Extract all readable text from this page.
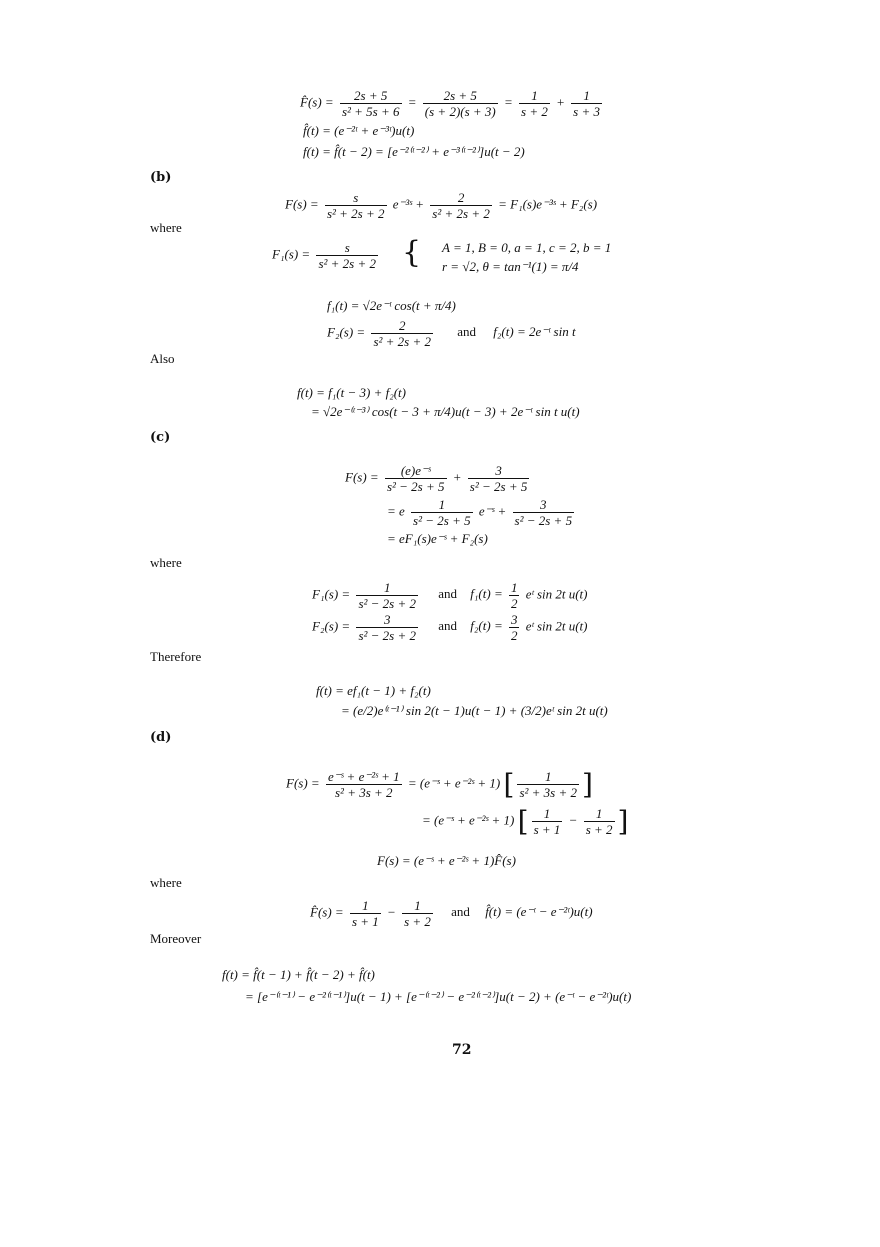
F̂(s) = $\frac{2s + 5}{\text{s² + 5s + 6}} = \frac{2s + 5}{(s + 2)(s + 3)} = \frac{1}{s + 2} + \frac{1}{s + 3}$
f̂(t) = (e⁻²ᵗ + e⁻³ᵗ)u(t)
f(t) = f̂(t − 2) = [e⁻²⁽ᵗ⁻²⁾ + e⁻³⁽ᵗ⁻²⁾]u(t − 2)
(b)
$F(s) = \frac{s}{\text{s² + 2s + 2}}$ e⁻³ˢ + $\frac{2}{\text{s² + 2s + 2}}$ = F₁(s)e⁻³ˢ + F₂(s)
where
$F_1(s) = \frac{s}{\text{s² + 2s + 2}}$ { A = 1, B = 0, a = 1, c = 2, b = 1
r = √2, θ = tan⁻¹(1) = π/4
f₁(t) = √2e⁻ᵗ cos(t + π/4)
$F_2(s) = \frac{2}{\text{s² + 2s + 2}}$ and f₂(t) = 2e⁻ᵗ sin t
Also
f(t) = f₁(t − 3) + f₂(t)
= √2e⁻⁽ᵗ⁻³⁾ cos(t − 3 + π/4)u(t − 3) + 2e⁻ᵗ sin t u(t)
(c)
$F(s) = \frac{\text{(e)e⁻ˢ}}{\text{s² − 2s + 5}} + \frac{3}{\text{s² − 2s + 5}}$
= e $\frac{1}{\text{s² − 2s + 5}}$ e⁻ˢ + $\frac{3}{\text{s² − 2s + 5}}$
= eF₁(s)e⁻ˢ + F₂(s)
where
$F_1(s) = \frac{1}{\text{s² − 2s + 2}}$ and $f_1(t) = \frac{1}{2}$ eᵗ sin 2t u(t)
$F_2(s) = \frac{3}{\text{s² − 2s + 2}}$ and $f_2(t) = \frac{3}{2}$ eᵗ sin 2t u(t)
Therefore
f(t) = ef₁(t − 1) + f₂(t)
= (e/2)e⁽ᵗ⁻¹⁾ sin 2(t − 1)u(t − 1) + (3/2)eᵗ sin 2t u(t)
(d)
$F(s) = \frac{\text{e⁻ˢ + e⁻²ˢ + 1}}{\text{s² + 3s + 2}}$ = (e⁻ˢ + e⁻²ˢ + 1) [ $\frac{1}{\text{s² + 3s + 2}}$ ]
= (e⁻ˢ + e⁻²ˢ + 1) [ $\frac{1}{s + 1} - \frac{1}{s + 2}$ ]
F(s) = (e⁻ˢ + e⁻²ˢ + 1)F̂(s)
where
F̂(s) = $\frac{1}{s + 1} - \frac{1}{s + 2}$ and f̂(t) = (e⁻ᵗ − e⁻²ᵗ)u(t)
Moreover
f(t) = f̂(t − 1) + f̂(t − 2) + f̂(t)
= [e⁻⁽ᵗ⁻¹⁾ − e⁻²⁽ᵗ⁻¹⁾]u(t − 1) + [e⁻⁽ᵗ⁻²⁾ − e⁻²⁽ᵗ⁻²⁾]u(t − 2) + (e⁻ᵗ − e⁻²ᵗ)u(t)
72
